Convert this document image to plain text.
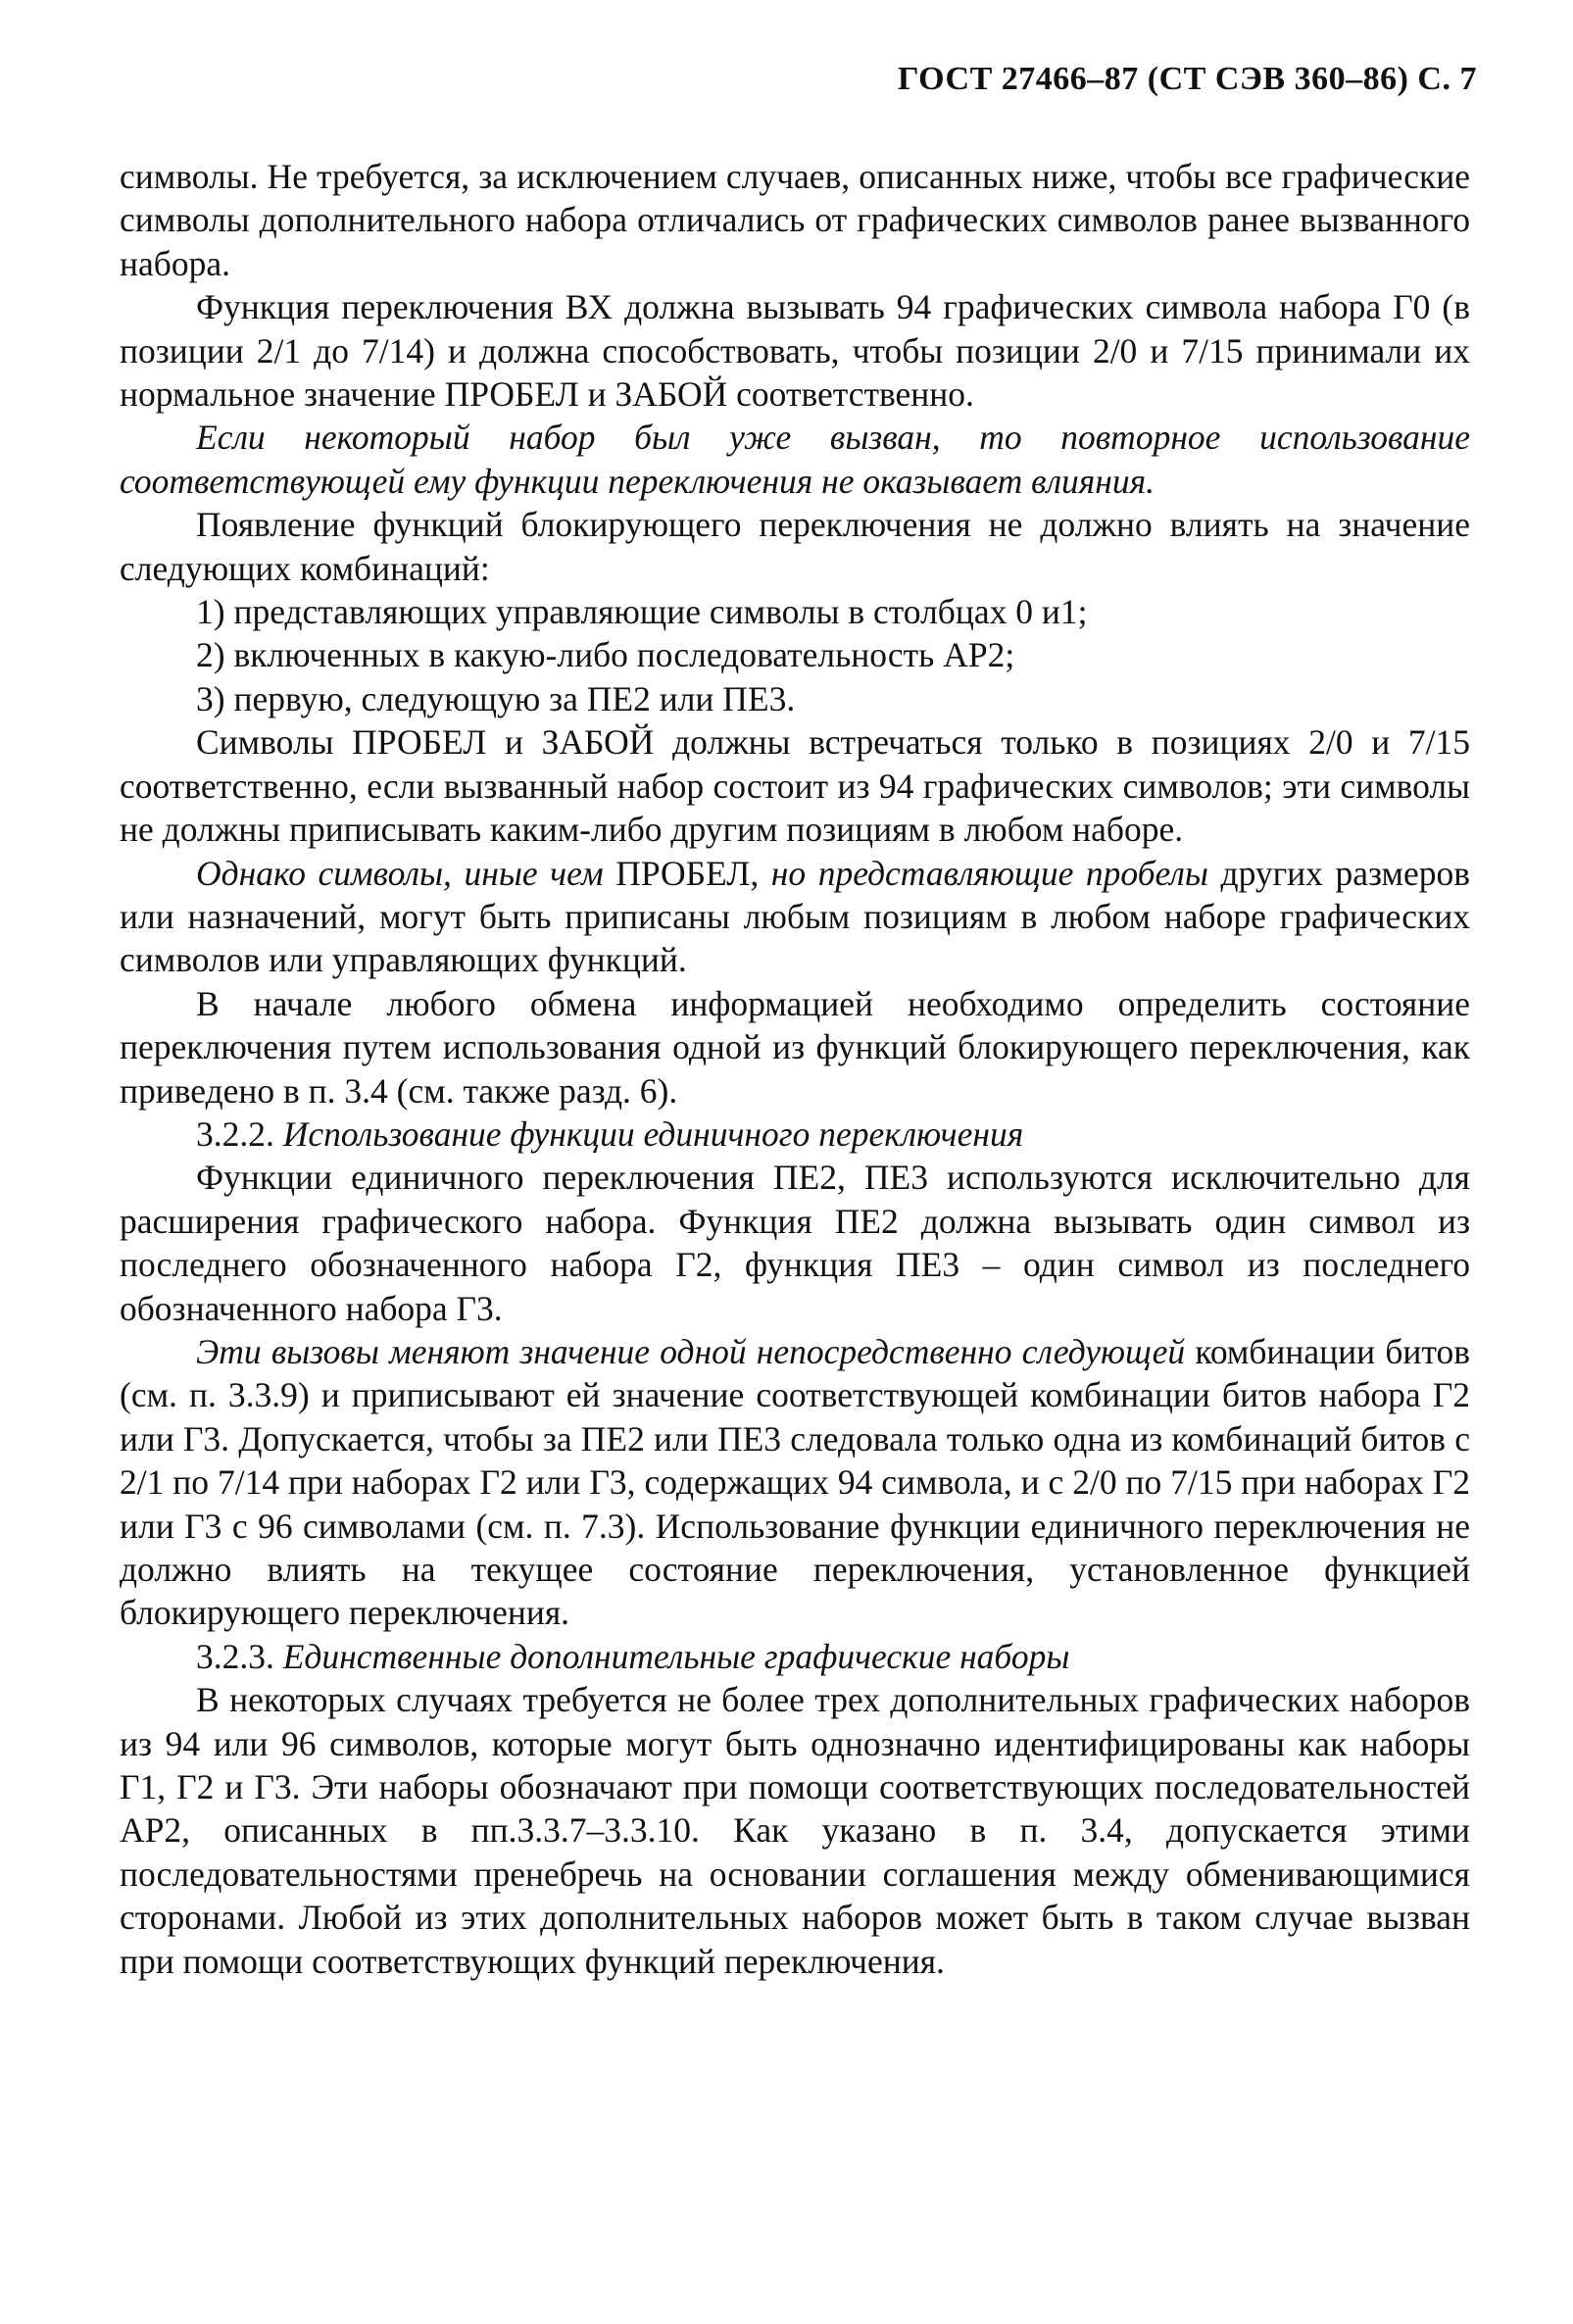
ГОСТ 27466–87 (СТ СЭВ 360–86) С. 7

символы. Не требуется, за исключением случаев, описанных ниже, чтобы все графические символы дополнительного набора отличались от графических символов ранее вызванного набора.

Функция переключения ВХ должна вызывать 94 графических символа набора Г0 (в позиции 2/1 до 7/14) и должна способствовать, чтобы позиции 2/0 и 7/15 принимали их нормальное значение ПРОБЕЛ и ЗАБОЙ соответственно.

Если некоторый набор был уже вызван, то повторное использование соответствующей ему функции переключения не оказывает влияния.

Появление функций блокирующего переключения не должно влиять на значение следующих комбинаций:

1) представляющих управляющие символы в столбцах 0 и1;

2) включенных в какую-либо последовательность АР2;

3) первую, следующую за ПЕ2 или ПЕ3.

Символы ПРОБЕЛ и ЗАБОЙ должны встречаться только в позициях 2/0 и 7/15 соответственно, если вызванный набор состоит из 94 графических символов; эти символы не должны приписывать каким-либо другим позициям в любом наборе.

Однако символы, иные чем ПРОБЕЛ, но представляющие пробелы других размеров или назначений, могут быть приписаны любым позициям в любом наборе графических символов или управляющих функций.

В начале любого обмена информацией необходимо определить состояние переключения путем использования одной из функций блокирующего переключения, как приведено в п. 3.4 (см. также разд. 6).

3.2.2. Использование функции единичного переключения

Функции единичного переключения ПЕ2, ПЕ3 используются исключительно для расширения графического набора. Функция ПЕ2 должна вызывать один символ из последнего обозначенного набора Г2, функция ПЕ3 – один символ из последнего обозначенного набора Г3.

Эти вызовы меняют значение одной непосредственно следующей комбинации битов (см. п. 3.3.9) и приписывают ей значение соответствующей комбинации битов набора Г2 или Г3. Допускается, чтобы за ПЕ2 или ПЕ3 следовала только одна из комбинаций битов с 2/1 по 7/14 при наборах Г2 или Г3, содержащих 94 символа, и с 2/0 по 7/15 при наборах Г2 или Г3 с 96 символами (см. п. 7.3). Использование функции единичного переключения не должно влиять на текущее состояние переключения, установленное функцией блокирующего переключения.

3.2.3. Единственные дополнительные графические наборы

В некоторых случаях требуется не более трех дополнительных графических наборов из 94 или 96 символов, которые могут быть однозначно идентифицированы как наборы Г1, Г2 и Г3. Эти наборы обозначают при помощи соответствующих последовательностей АР2, описанных в пп.3.3.7–3.3.10. Как указано в п. 3.4, допускается этими последовательностями пренебречь на основании соглашения между обменивающимися сторонами. Любой из этих дополнительных наборов может быть в таком случае вызван при помощи соответствующих функций переключения.
